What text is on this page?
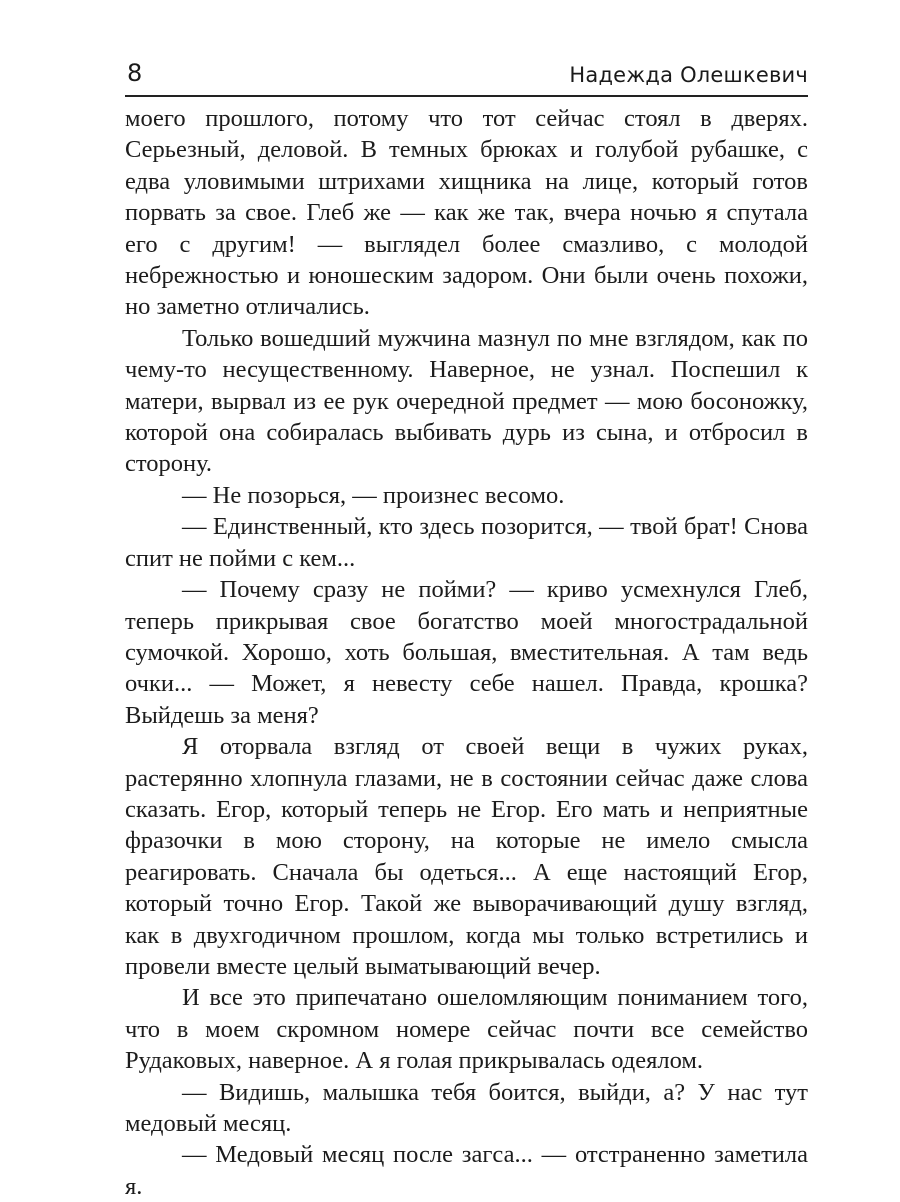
8	Надежда Олешкевич

моего прошлого, потому что тот сейчас стоял в дверях. Серьезный, деловой. В темных брюках и голубой рубашке, с едва уловимыми штрихами хищника на лице, который готов порвать за свое. Глеб же — как же так, вчера ночью я спутала его с другим! — выглядел более смазливо, с молодой небрежностью и юношеским задором. Они были очень похожи, но заметно отличались.

Только вошедший мужчина мазнул по мне взглядом, как по чему-то несущественному. Наверное, не узнал. Поспешил к матери, вырвал из ее рук очередной предмет — мою босоножку, которой она собиралась выбивать дурь из сына, и отбросил в сторону.

— Не позорься, — произнес весомо.

— Единственный, кто здесь позорится, — твой брат! Снова спит не пойми с кем...

— Почему сразу не пойми? — криво усмехнулся Глеб, теперь прикрывая свое богатство моей многострадальной сумочкой. Хорошо, хоть большая, вместительная. А там ведь очки... — Может, я невесту себе нашел. Правда, крошка? Выйдешь за меня?

Я оторвала взгляд от своей вещи в чужих руках, растерянно хлопнула глазами, не в состоянии сейчас даже слова сказать. Егор, который теперь не Егор. Его мать и неприятные фразочки в мою сторону, на которые не имело смысла реагировать. Сначала бы одеться... А еще настоящий Егор, который точно Егор. Такой же выворачивающий душу взгляд, как в двухгодичном прошлом, когда мы только встретились и провели вместе целый выматывающий вечер.

И все это припечатано ошеломляющим пониманием того, что в моем скромном номере сейчас почти все семейство Рудаковых, наверное. А я голая прикрывалась одеялом.

— Видишь, малышка тебя боится, выйди, а? У нас тут медовый месяц.

— Медовый месяц после загса... — отстраненно заметила я.
